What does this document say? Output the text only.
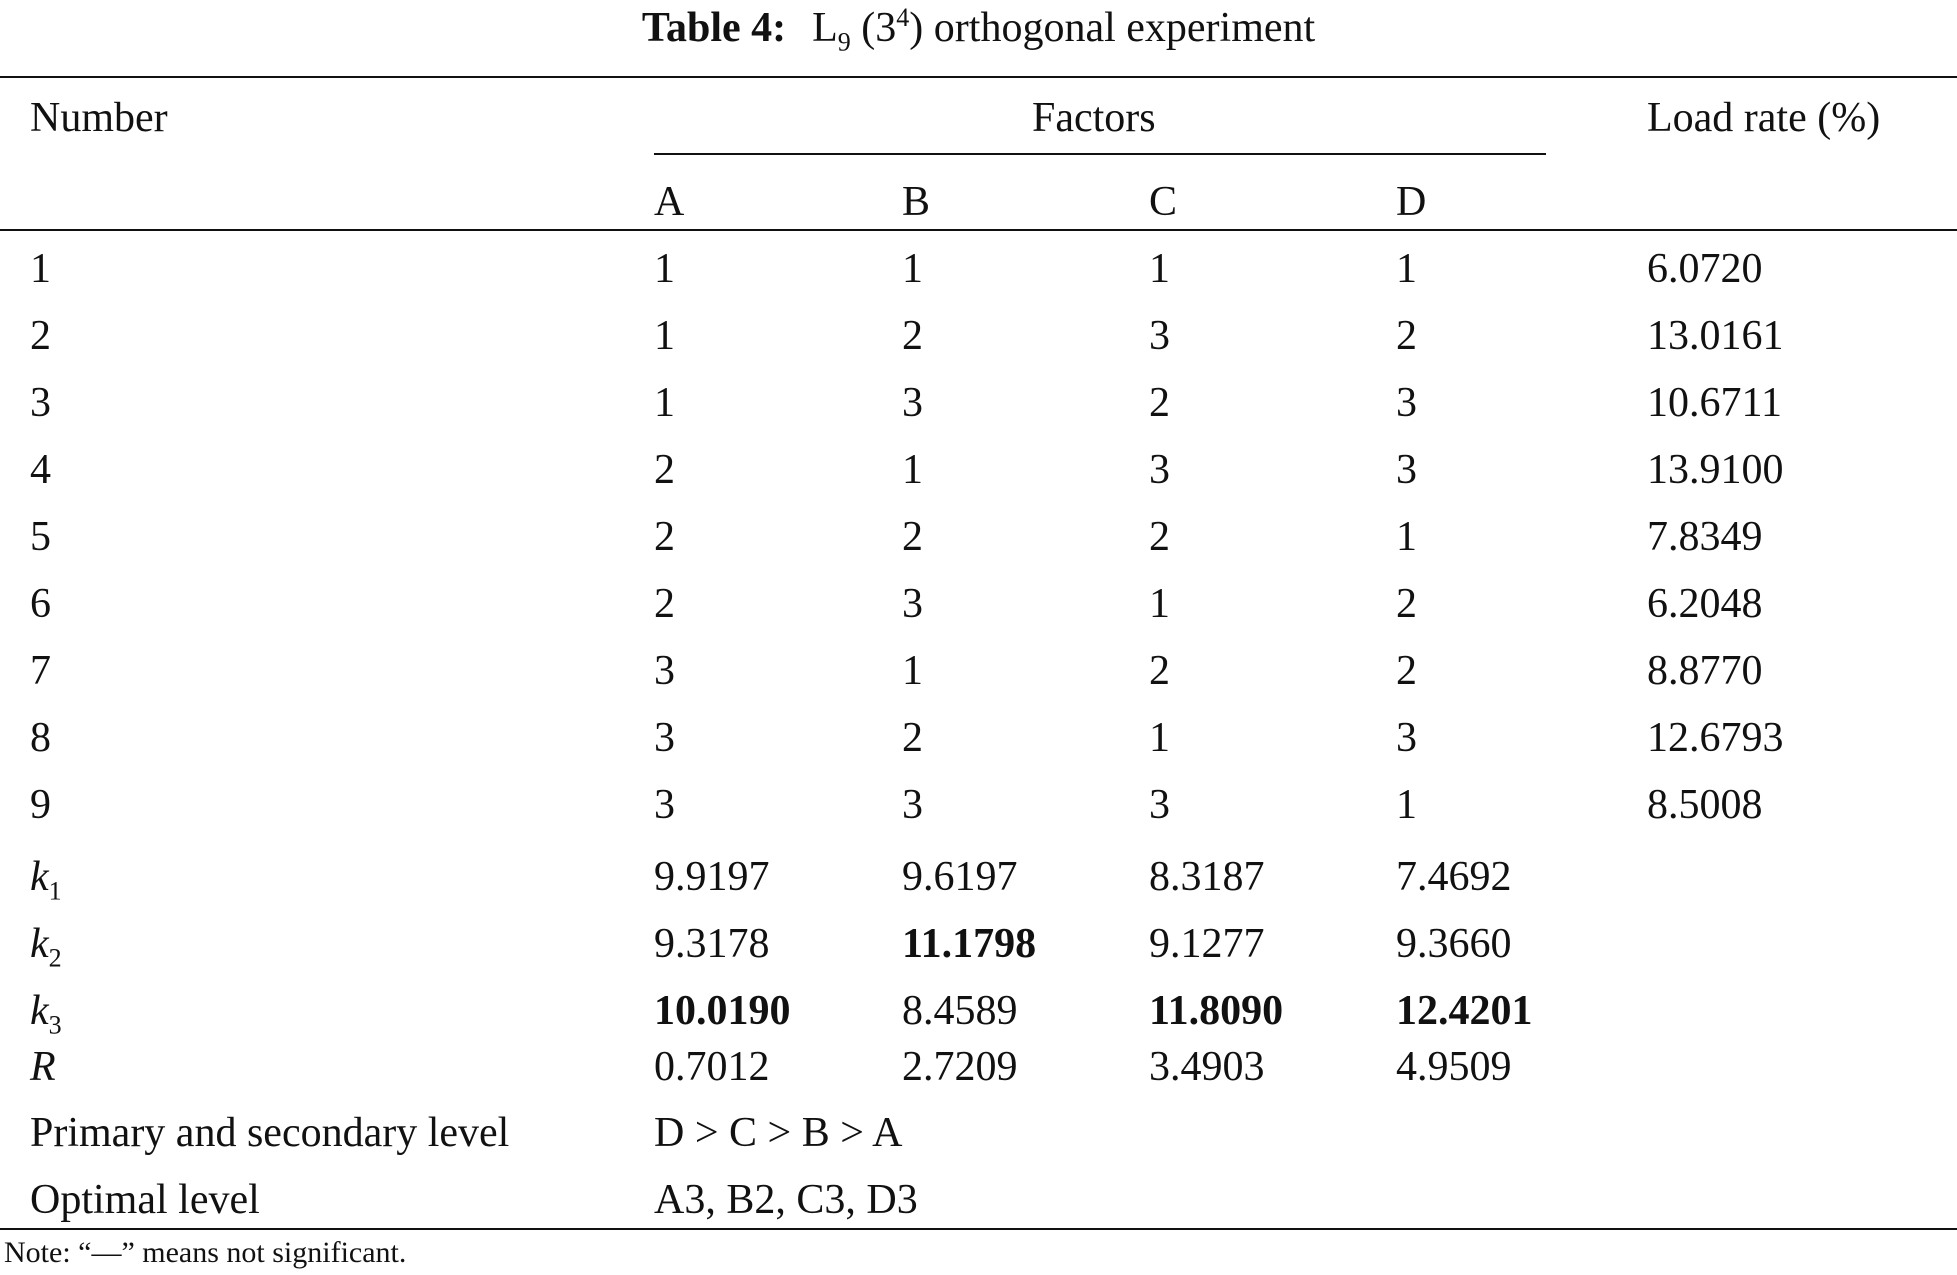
Table 4: $L_9$ $(3^4)$ orthogonal experiment
Number	Factors	Load rate (%)
A	B	C	D
1	1	1	1	1	6.0720
2	1	2	3	2	13.0161
3	1	3	2	3	10.6711
4	2	1	3	3	13.9100
5	2	2	2	1	7.8349
6	2	3	1	2	6.2048
7	3	1	2	2	8.8770
8	3	2	1	3	12.6793
9	3	3	3	1	8.5008
$k_1$	9.9197	9.6197	8.3187	7.4692
$k_2$	9.3178	11.1798	9.1277	9.3660
$k_3$	10.0190	8.4589	11.8090	12.4201
R	0.7012	2.7209	3.4903	4.9509
Primary and secondary level	D > C > B > A
Optimal level	A3, B2, C3, D3
Note: “—” means not significant.
